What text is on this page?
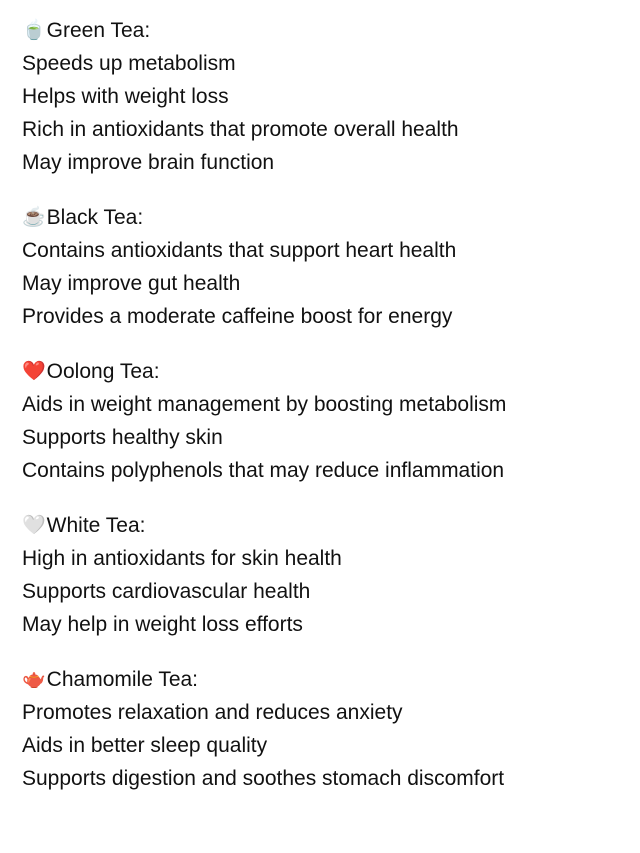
🍵 Green Tea:
Speeds up metabolism
Helps with weight loss
Rich in antioxidants that promote overall health
May improve brain function
☕ Black Tea:
Contains antioxidants that support heart health
May improve gut health
Provides a moderate caffeine boost for energy
❤️ Oolong Tea:
Aids in weight management by boosting metabolism
Supports healthy skin
Contains polyphenols that may reduce inflammation
🤍 White Tea:
High in antioxidants for skin health
Supports cardiovascular health
May help in weight loss efforts
🫖 Chamomile Tea:
Promotes relaxation and reduces anxiety
Aids in better sleep quality
Supports digestion and soothes stomach discomfort
